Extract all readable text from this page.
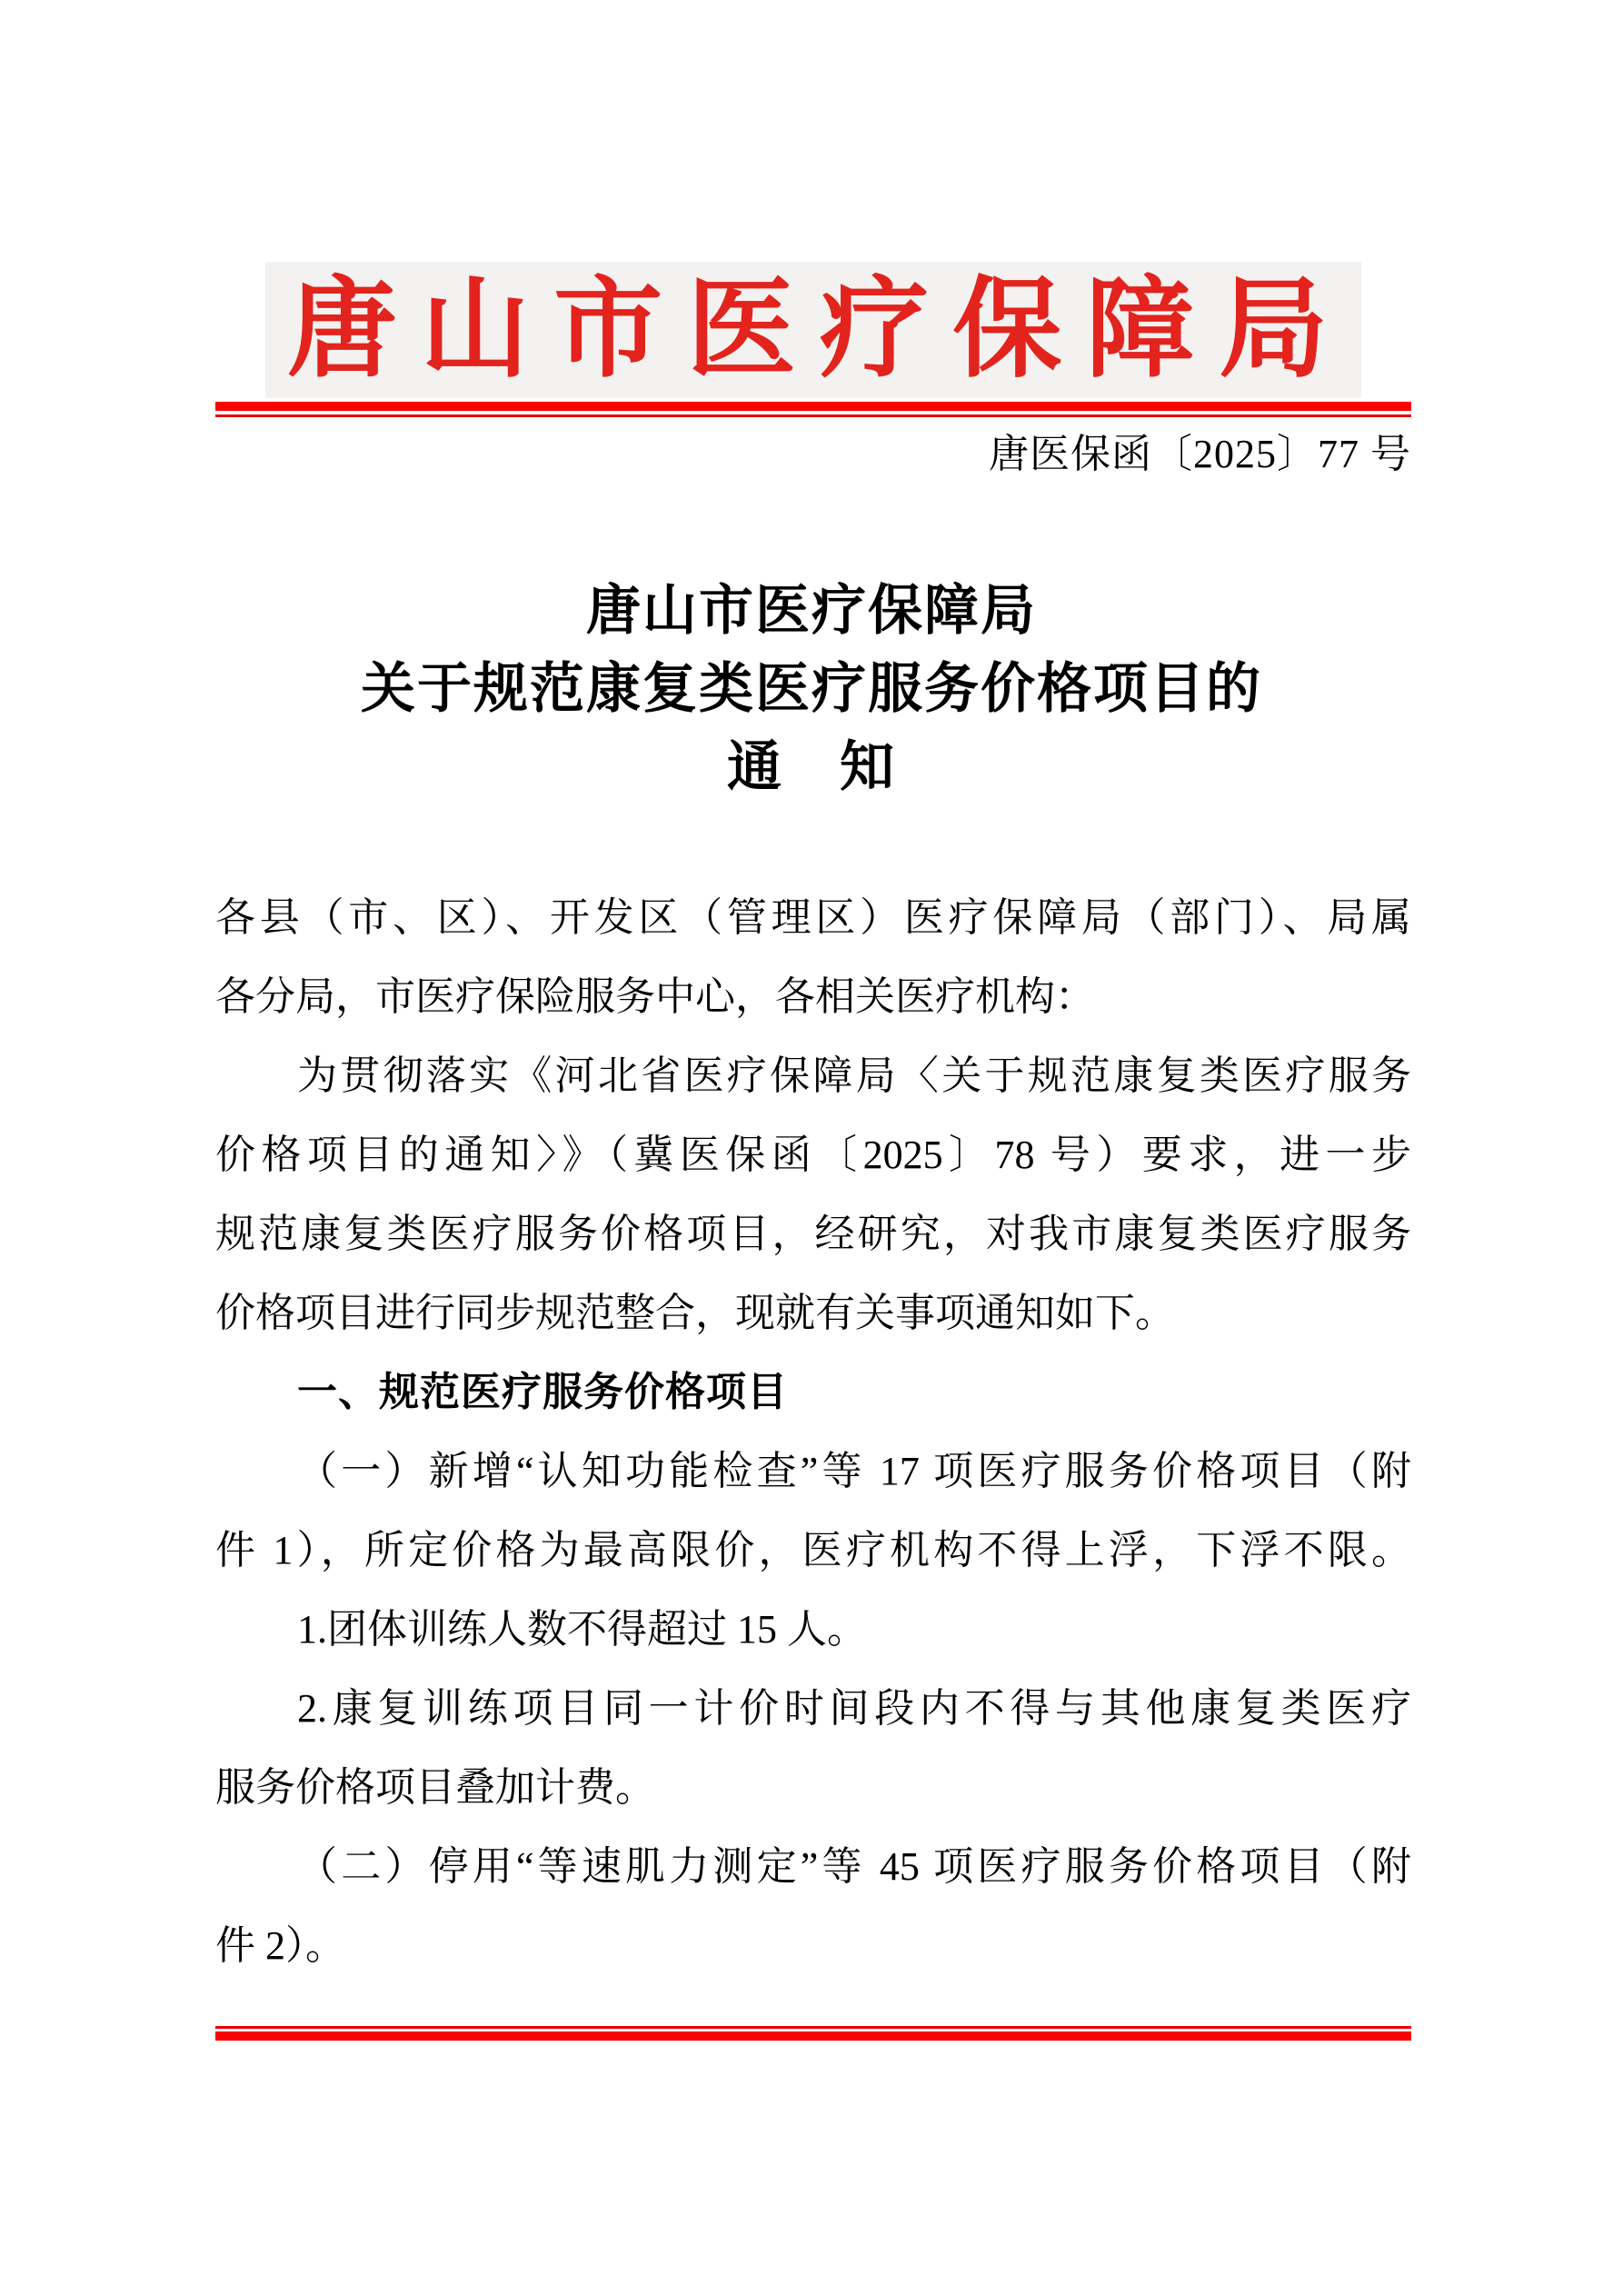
唐山市医疗保障局
唐医保函〔2025〕77 号
唐山市医疗保障局
关于规范康复类医疗服务价格项目的
通　知
各县（市、区）、开发区（管理区）医疗保障局（部门）、局属
各分局，市医疗保险服务中心，各相关医疗机构：
为贯彻落实《河北省医疗保障局〈关于规范康复类医疗服务
价格项目的通知〉》（冀医保函〔2025〕78 号）要求，进一步
规范康复类医疗服务价格项目，经研究，对我市康复类医疗服务
价格项目进行同步规范整合，现就有关事项通知如下。
一、规范医疗服务价格项目
（一）新增“认知功能检查”等 17 项医疗服务价格项目（附
件 1），所定价格为最高限价，医疗机构不得上浮，下浮不限。
1.团体训练人数不得超过 15 人。
2.康复训练项目同一计价时间段内不得与其他康复类医疗
服务价格项目叠加计费。
（二）停用“等速肌力测定”等 45 项医疗服务价格项目（附
件 2）。
